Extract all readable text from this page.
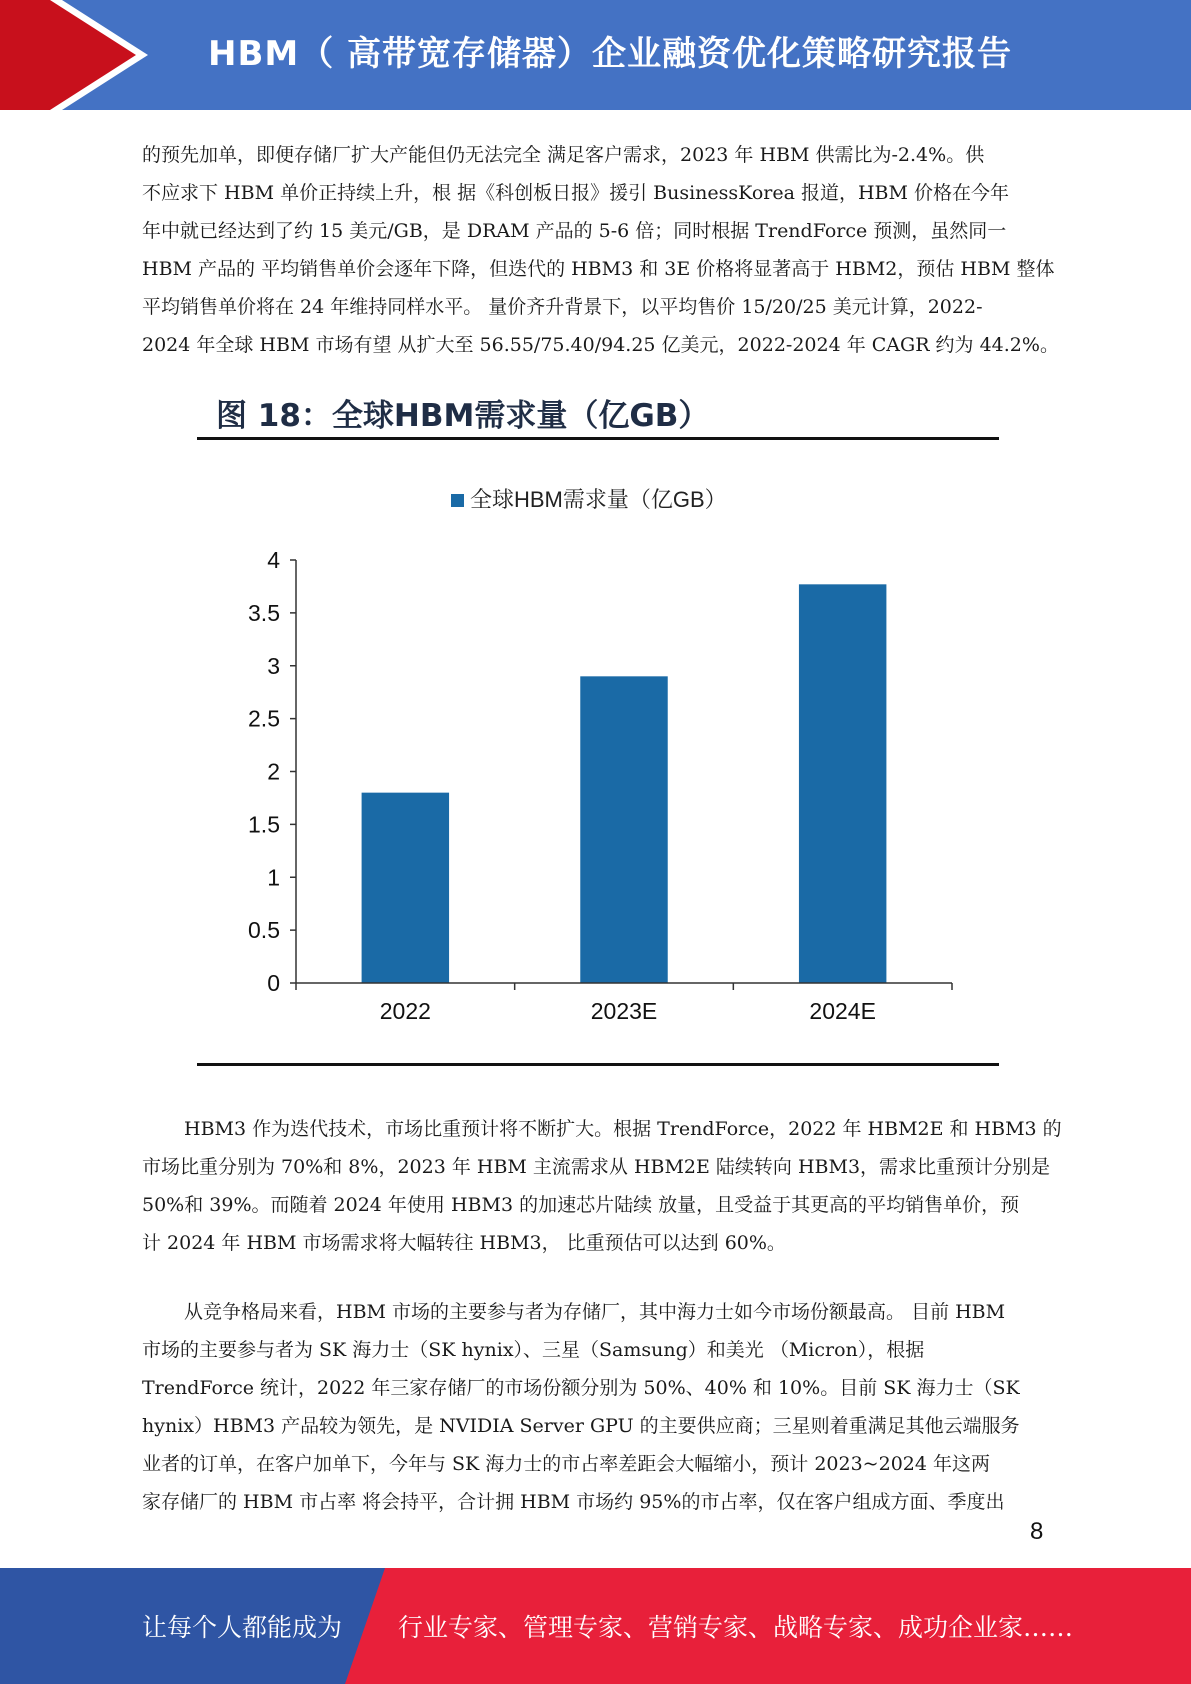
HBM（ 高带宽存储器）企业融资优化策略研究报告

的预先加单，即便存储厂扩大产能但仍无法完全 满足客户需求，2023 年 HBM 供需比为-2.4%。供
不应求下 HBM 单价正持续上升，根 据《科创板日报》援引 BusinessKorea 报道，HBM 价格在今年
年中就已经达到了约 15 美元/GB，是 DRAM 产品的 5-6 倍；同时根据 TrendForce 预测，虽然同一
HBM 产品的 平均销售单价会逐年下降，但迭代的 HBM3 和 3E 价格将显著高于 HBM2，预估 HBM 整体
平均销售单价将在 24 年维持同样水平。 量价齐升背景下，以平均售价 15/20/25 美元计算，2022-
2024 年全球 HBM 市场有望 从扩大至 56.55/75.40/94.25 亿美元，2022-2024 年 CAGR 约为 44.2%。

图 18：全球HBM需求量（亿GB）
全球HBM需求量（亿GB）
0
0.5
1
1.5
2
2.5
3
3.5
4
2022	2023E	2024E

HBM3 作为迭代技术，市场比重预计将不断扩大。根据 TrendForce，2022 年 HBM2E 和 HBM3 的
市场比重分别为 70%和 8%，2023 年 HBM 主流需求从 HBM2E 陆续转向 HBM3，需求比重预计分别是
50%和 39%。而随着 2024 年使用 HBM3 的加速芯片陆续 放量，且受益于其更高的平均销售单价，预
计 2024 年 HBM 市场需求将大幅转往 HBM3， 比重预估可以达到 60%。

从竞争格局来看，HBM 市场的主要参与者为存储厂，其中海力士如今市场份额最高。 目前 HBM
市场的主要参与者为 SK 海力士（SK hynix）、三星（Samsung）和美光 （Micron），根据
TrendForce 统计，2022 年三家存储厂的市场份额分别为 50%、40% 和 10%。目前 SK 海力士（SK
hynix）HBM3 产品较为领先，是 NVIDIA Server GPU 的主要供应商；三星则着重满足其他云端服务
业者的订单，在客户加单下，今年与 SK 海力士的市占率差距会大幅缩小，预计 2023~2024 年这两
家存储厂的 HBM 市占率 将会持平，合计拥 HBM 市场约 95%的市占率，仅在客户组成方面、季度出

8
让每个人都能成为 行业专家、管理专家、营销专家、战略专家、成功企业家……
